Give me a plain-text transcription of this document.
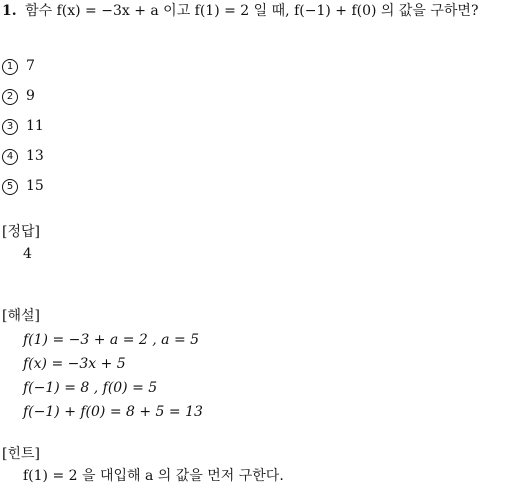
1. 함수 f(x) = −3x + a 이고 f(1) = 2 일 때, f(−1) + f(0) 의 값을 구하면?
1 7
2 9
3 11
4 13
5 15
[정답]
4
[해설]
f(1) = −3 + a = 2 , a = 5
f(x) = −3x + 5
f(−1) = 8 , f(0) = 5
f(−1) + f(0) = 8 + 5 = 13
[힌트]
f(1) = 2 을 대입해 a 의 값을 먼저 구한다.
